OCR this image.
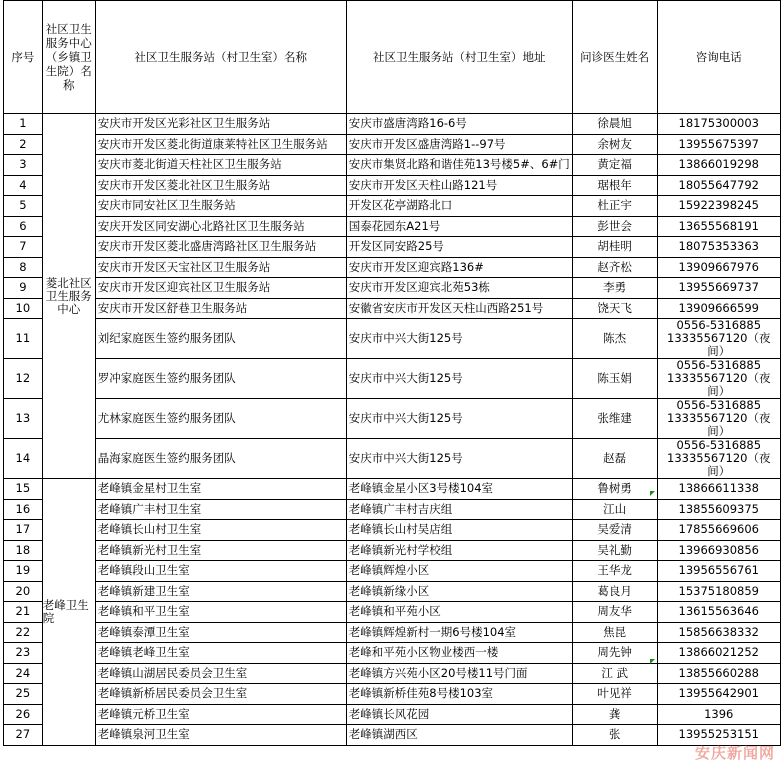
序号	社区卫生服务中心（乡镇卫生院）名称	社区卫生服务站（村卫生室）名称	社区卫生服务站（村卫生室）地址	问诊医生姓名	咨询电话
1	菱北社区卫生服务中心	安庆市开发区光彩社区卫生服务站	安庆市盛唐湾路16-6号	徐晨旭	18175300003

2		安庆市开发区菱北街道康莱特社区卫生服务站	安庆市开发区盛唐湾路1--97号	余树友	13955675397

3		安庆市菱北街道天柱社区卫生服务站	安庆市集贤北路和谐佳苑13号楼5#、6#门	黄定福	13866019298

4		安庆市开发区菱北社区卫生服务站	安庆市开发区天柱山路121号	琚根年	18055647792

5		安庆市同安社区卫生服务站	开发区花亭湖路北口	杜正宇	15922398245

6		安庆开发区同安湖心北路社区卫生服务站	国泰花园东A21号	彭世会	13655568191

7		安庆市开发区菱北盛唐湾路社区卫生服务站	开发区同安路25号	胡桂明	18075353363

8		安庆市开发区天宝社区卫生服务站	安庆市开发区迎宾路136#	赵齐松	13909667976

9		安庆市开发区迎宾社区卫生服务站	安庆市开发区迎宾北苑53栋	李勇	13955669737

10		安庆市开发区舒巷卫生服务站	安徽省安庆市开发区天柱山西路251号	饶天飞	13909666599

11		刘纪家庭医生签约服务团队	安庆市中兴大街125号	陈杰	0556-5316885
13335567120（夜间）

12		罗冲家庭医生签约服务团队	安庆市中兴大街125号	陈玉娟	0556-5316885
13335567120（夜间）

13		尤林家庭医生签约服务团队	安庆市中兴大街125号	张维建	0556-5316885
13335567120（夜间）

14		晶海家庭医生签约服务团队	安庆市中兴大街125号	赵磊	0556-5316885
13335567120（夜间）

15	老峰卫生院	老峰镇金星村卫生室	老峰镇金星小区3号楼104室	鲁树勇	13866611338

16		老峰镇广丰村卫生室	老峰镇广丰村吉庆组	江山	13855609375

17		老峰镇长山村卫生室	老峰镇长山村吴店组	吴爱清	17855669606

18		老峰镇新光村卫生室	老峰镇新光村学校组	吴礼勤	13966930856

19		老峰镇段山卫生室	老峰镇辉煌小区	王华龙	13956556761

20		老峰镇新建卫生室	老峰镇新缘小区	葛良月	15375180859

21		老峰镇和平卫生室	老峰镇和平苑小区	周友华	13615563646

22		老峰镇泰潭卫生室	老峰镇辉煌新村一期6号楼104室	焦昆	15856638332

23		老峰镇老峰卫生室	老峰和平苑小区物业楼西一楼	周先钟	13866021252

24		老峰镇山湖居民委员会卫生室	老峰镇方兴苑小区20号楼11号门面	江 武	13855660288

25		老峰镇新桥居民委员会卫生室	老峰镇新桥佳苑8号楼103室	叶见祥	13955642901

26		老峰镇元桥卫生室	老峰镇长风花园	龚	1396

27		老峰镇泉河卫生室	老峰镇湖西区	张	13955253151
安庆新闻网
